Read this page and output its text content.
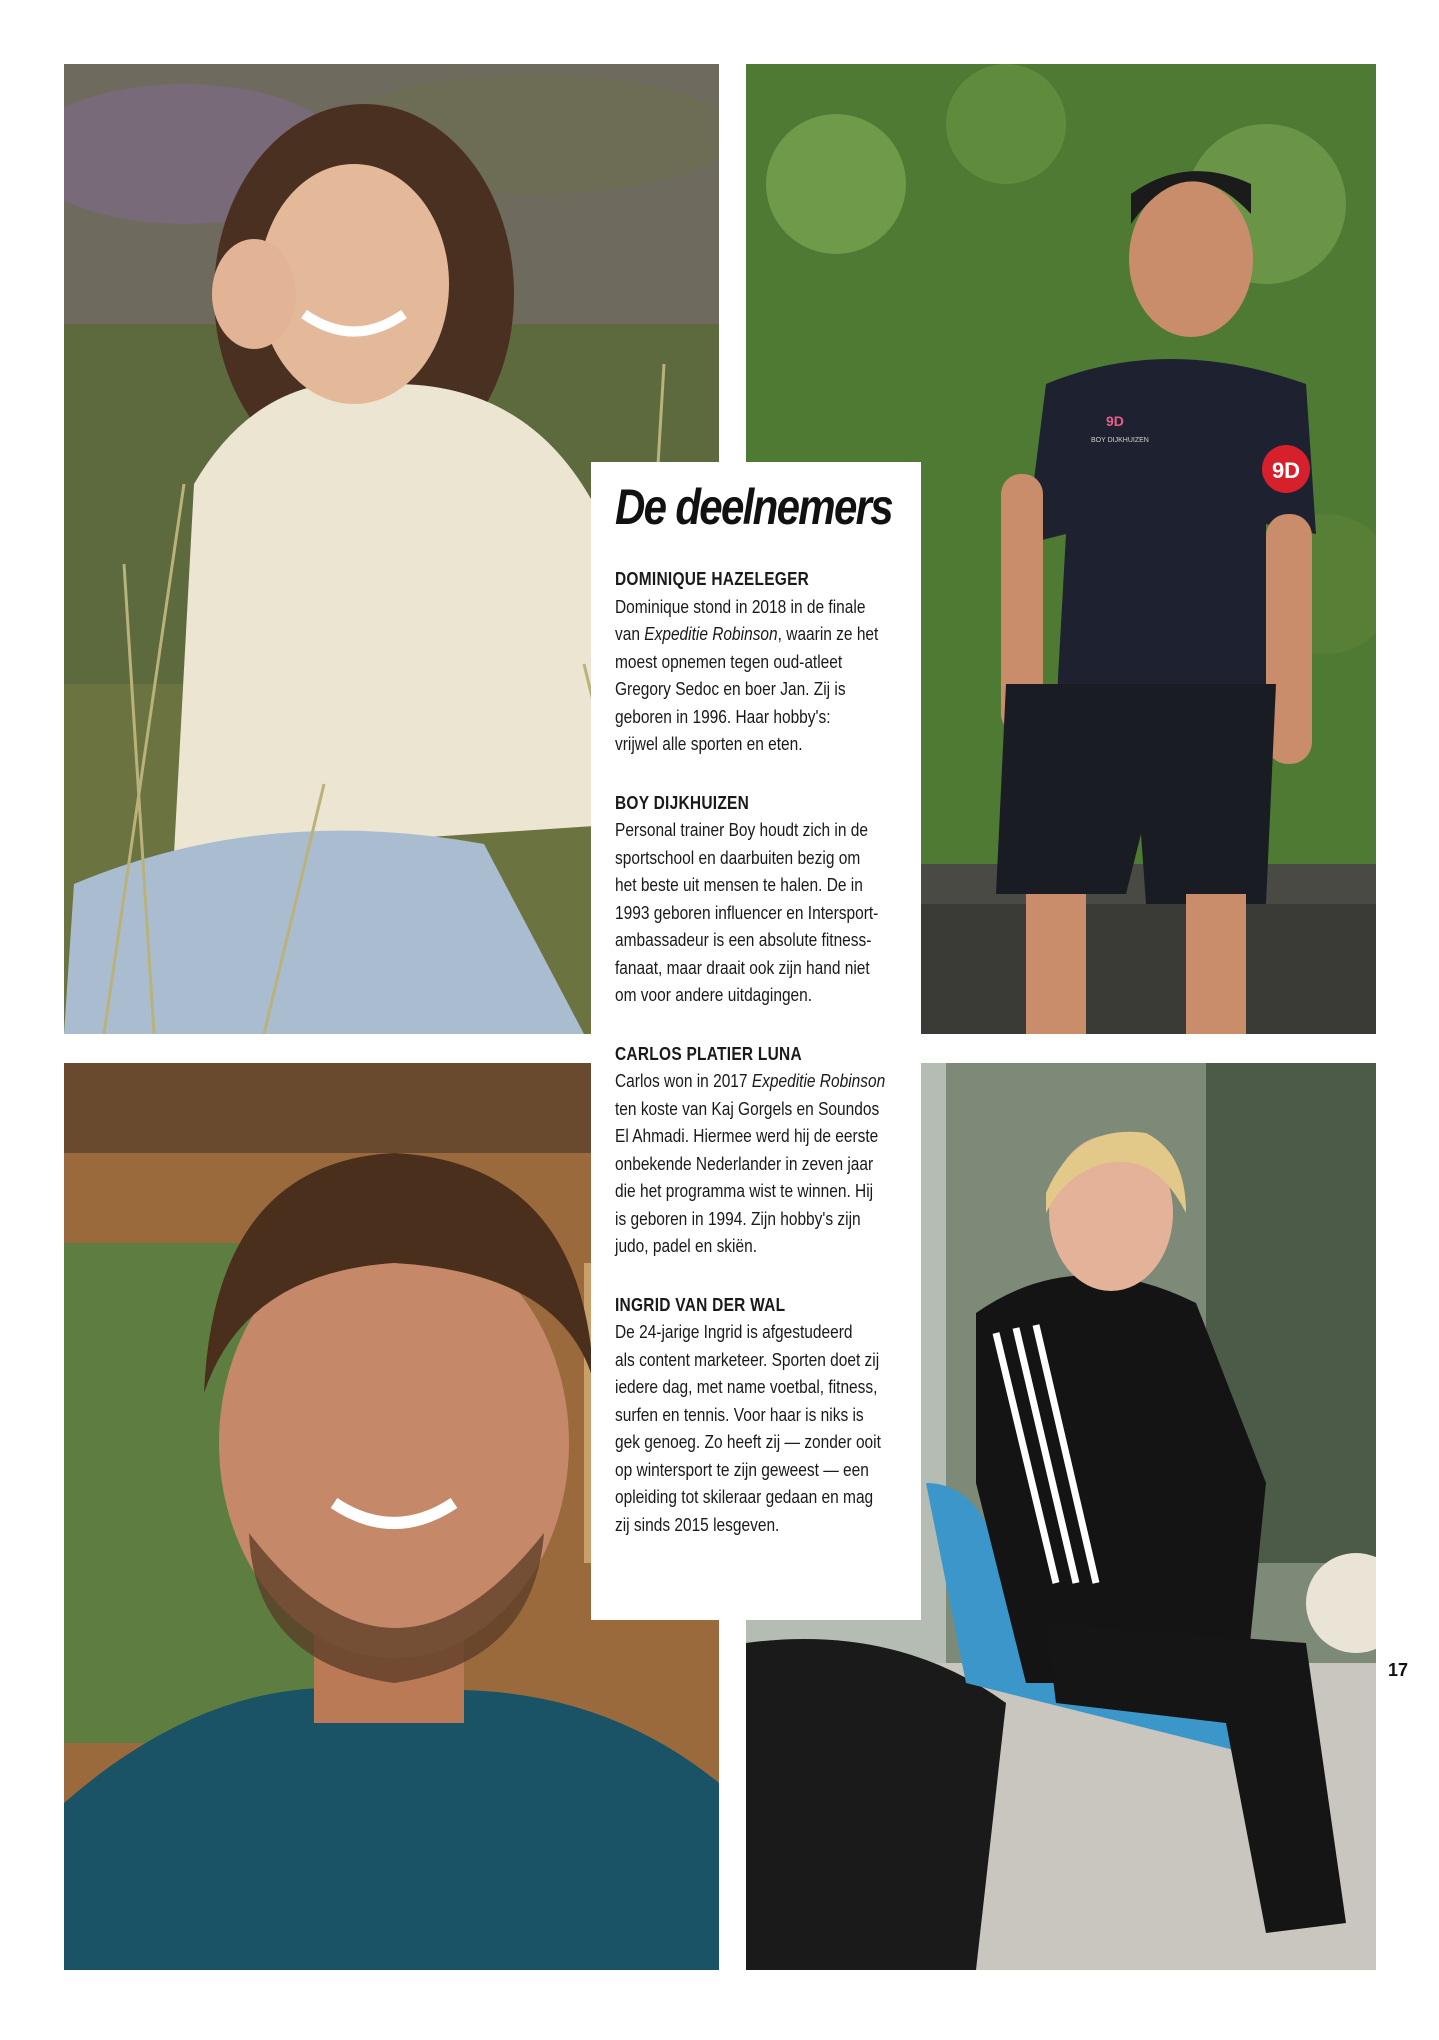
9D
9D
BOY DIJKHUIZEN
De deelnemers
DOMINIQUE HAZELEGER
Dominique stond in 2018 in de finale
van Expeditie Robinson, waarin ze het
moest opnemen tegen oud-atleet
Gregory Sedoc en boer Jan. Zij is
geboren in 1996. Haar hobby's:
vrijwel alle sporten en eten.
BOY DIJKHUIZEN
Personal trainer Boy houdt zich in de
sportschool en daarbuiten bezig om
het beste uit mensen te halen. De in
1993 geboren influencer en Intersport-
ambassadeur is een absolute fitness-
fanaat, maar draait ook zijn hand niet
om voor andere uitdagingen.
CARLOS PLATIER LUNA
Carlos won in 2017 Expeditie Robinson
ten koste van Kaj Gorgels en Soundos
El Ahmadi. Hiermee werd hij de eerste
onbekende Nederlander in zeven jaar
die het programma wist te winnen. Hij
is geboren in 1994. Zijn hobby's zijn
judo, padel en skiën.
INGRID VAN DER WAL
De 24-jarige Ingrid is afgestudeerd
als content marketeer. Sporten doet zij
iedere dag, met name voetbal, fitness,
surfen en tennis. Voor haar is niks is
gek genoeg. Zo heeft zij — zonder ooit
op wintersport te zijn geweest — een
opleiding tot skileraar gedaan en mag
zij sinds 2015 lesgeven.
17
